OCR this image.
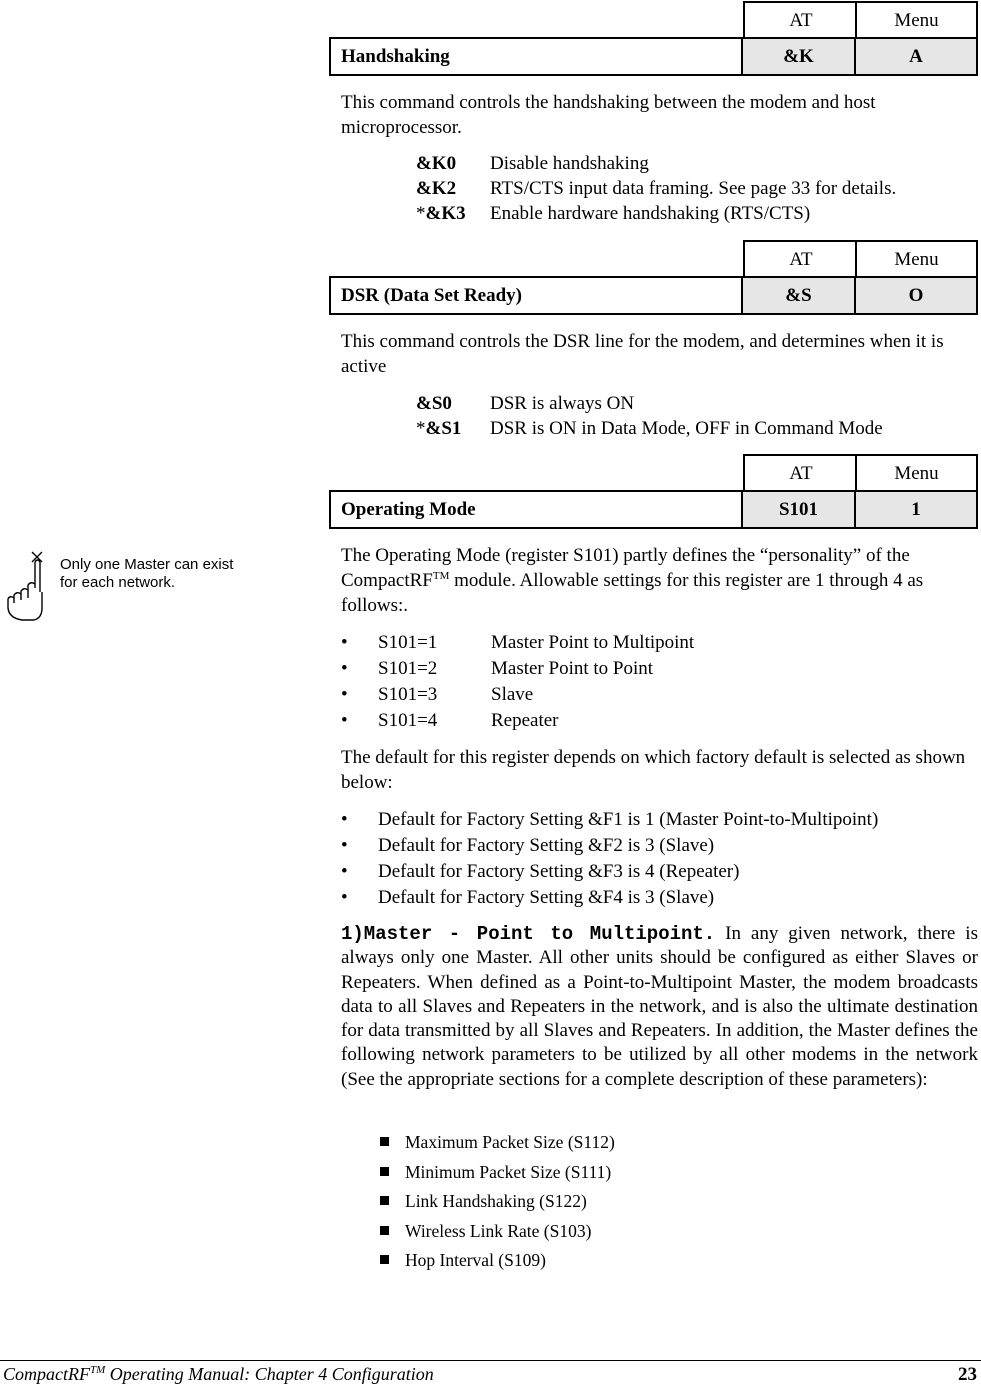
AT	Menu
Handshaking	&K	A
This command controls the handshaking between the modem and host microprocessor.
&K0 Disable handshaking
&K2 RTS/CTS input data framing. See page 33 for details.
*&K3 Enable hardware handshaking (RTS/CTS)
AT	Menu
DSR (Data Set Ready)	&S	O
This command controls the DSR line for the modem, and determines when it is active
&S0 DSR is always ON
*&S1 DSR is ON in Data Mode, OFF in Command Mode
AT	Menu
Operating Mode	S101	1
Only one Master can exist
for each network.
The Operating Mode (register S101) partly defines the “personality” of the CompactRF™ module. Allowable settings for this register are 1 through 4 as follows:.
• S101=1	Master Point to Multipoint
• S101=2	Master Point to Point
• S101=3	Slave
• S101=4	Repeater
The default for this register depends on which factory default is selected as shown below:
• Default for Factory Setting &F1 is 1 (Master Point-to-Multipoint)
• Default for Factory Setting &F2 is 3 (Slave)
• Default for Factory Setting &F3 is 4 (Repeater)
• Default for Factory Setting &F4 is 3 (Slave)
1)Master - Point to Multipoint. In any given network, there is always only one Master. All other units should be configured as either Slaves or Repeaters. When defined as a Point-to-Multipoint Master, the modem broadcasts data to all Slaves and Repeaters in the network, and is also the ultimate destination for data transmitted by all Slaves and Repeaters. In addition, the Master defines the following network parameters to be utilized by all other modems in the network (See the appropriate sections for a complete description of these parameters):
Maximum Packet Size (S112)
Minimum Packet Size (S111)
Link Handshaking (S122)
Wireless Link Rate (S103)
Hop Interval (S109)
CompactRF™ Operating Manual: Chapter 4 Configuration	23
